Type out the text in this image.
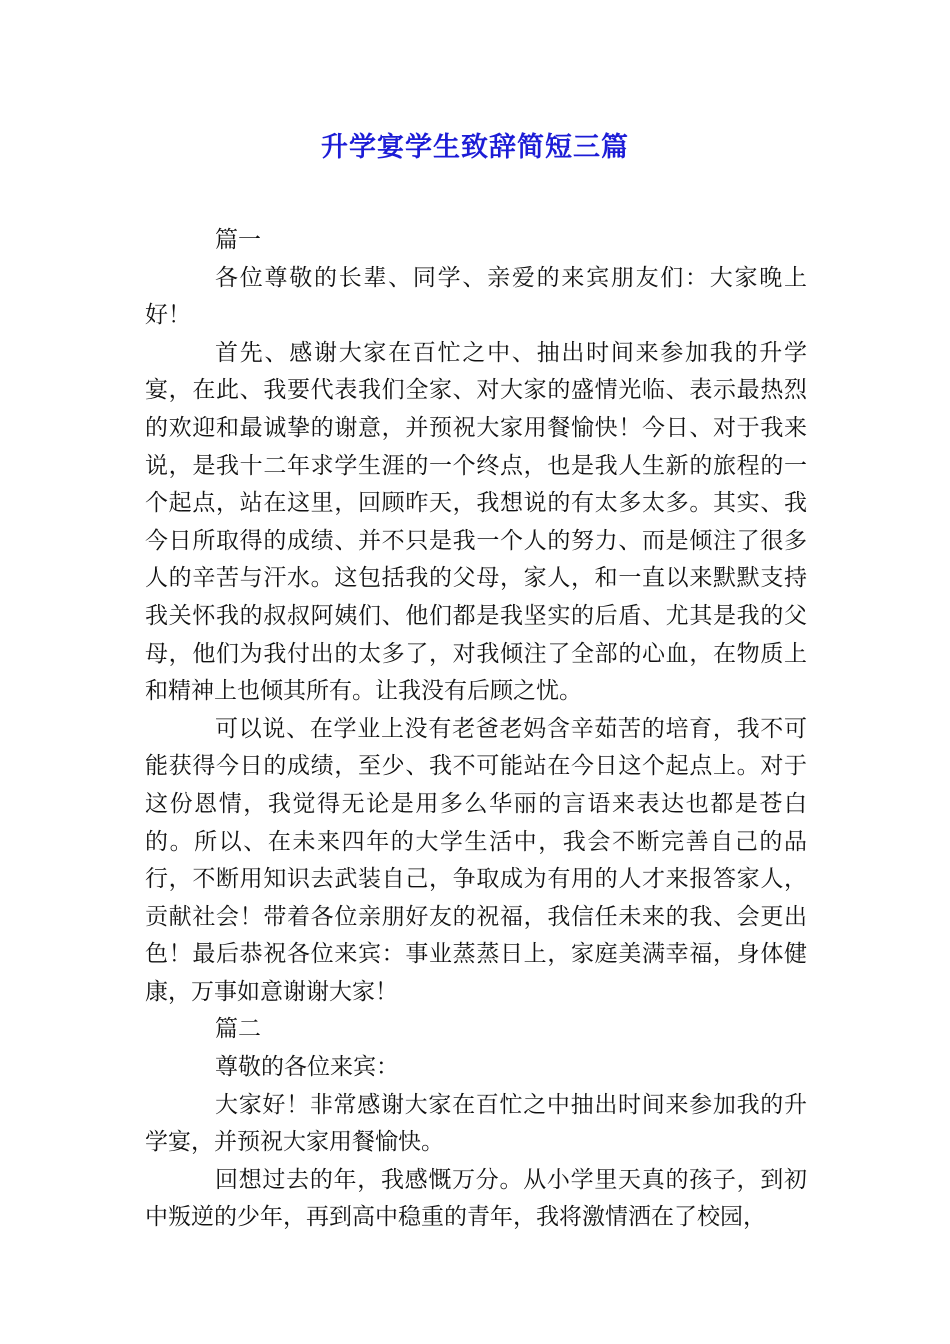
升学宴学生致辞简短三篇

篇一

各位尊敬的长辈、同学、亲爱的来宾朋友们：大家晚上好！

首先、感谢大家在百忙之中、抽出时间来参加我的升学宴，在此、我要代表我们全家、对大家的盛情光临、表示最热烈的欢迎和最诚挚的谢意，并预祝大家用餐愉快！今日、对于我来说，是我十二年求学生涯的一个终点，也是我人生新的旅程的一个起点，站在这里，回顾昨天，我想说的有太多太多。其实、我今日所取得的成绩、并不只是我一个人的努力、而是倾注了很多人的辛苦与汗水。这包括我的父母，家人，和一直以来默默支持我关怀我的叔叔阿姨们、他们都是我坚实的后盾、尤其是我的父母，他们为我付出的太多了，对我倾注了全部的心血，在物质上和精神上也倾其所有。让我没有后顾之忧。

可以说、在学业上没有老爸老妈含辛茹苦的培育，我不可能获得今日的成绩，至少、我不可能站在今日这个起点上。对于这份恩情，我觉得无论是用多么华丽的言语来表达也都是苍白的。所以、在未来四年的大学生活中，我会不断完善自己的品行，不断用知识去武装自己，争取成为有用的人才来报答家人，贡献社会！带着各位亲朋好友的祝福，我信任未来的我、会更出色！最后恭祝各位来宾：事业蒸蒸日上，家庭美满幸福，身体健康，万事如意谢谢大家！

篇二

尊敬的各位来宾：

大家好！非常感谢大家在百忙之中抽出时间来参加我的升学宴，并预祝大家用餐愉快。

回想过去的年，我感慨万分。从小学里天真的孩子，到初中叛逆的少年，再到高中稳重的青年，我将激情洒在了校园，
